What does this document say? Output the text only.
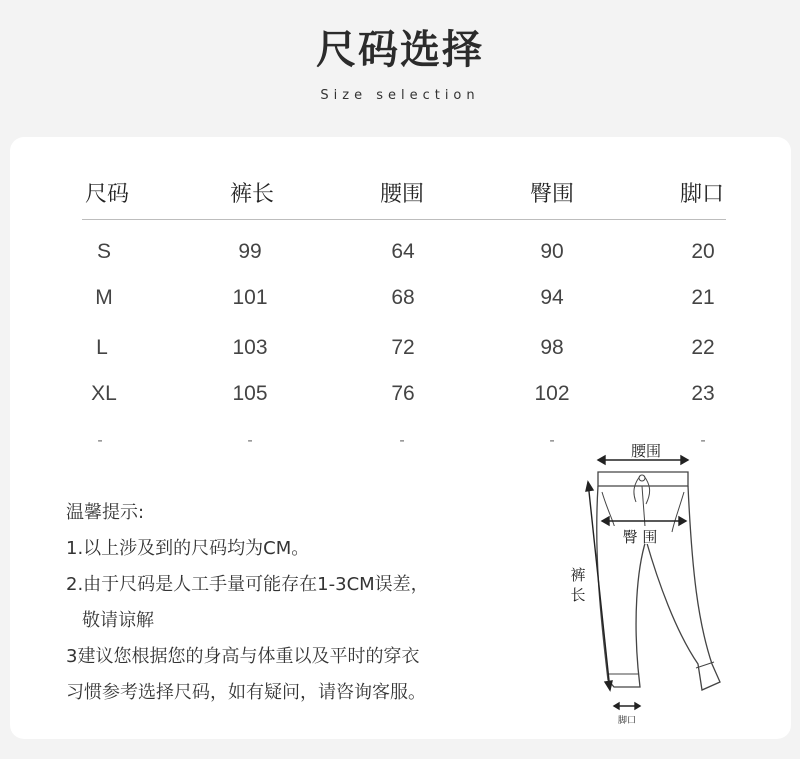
尺码选择
Size selection
尺码	裤长	腰围	臀围	脚口
S	99	64	90	20
M	101	68	94	21
L	103	72	98	22
XL	105	76	102	23
-	-	-	-	-
温馨提示:
1.以上涉及到的尺码均为CM。
2.由于尺码是人工手量可能存在1-3CM误差，
敬请谅解
3建议您根据您的身高与体重以及平时的穿衣
习惯参考选择尺码，如有疑问，请咨询客服。
腰围
臀 围
裤
长
脚口
